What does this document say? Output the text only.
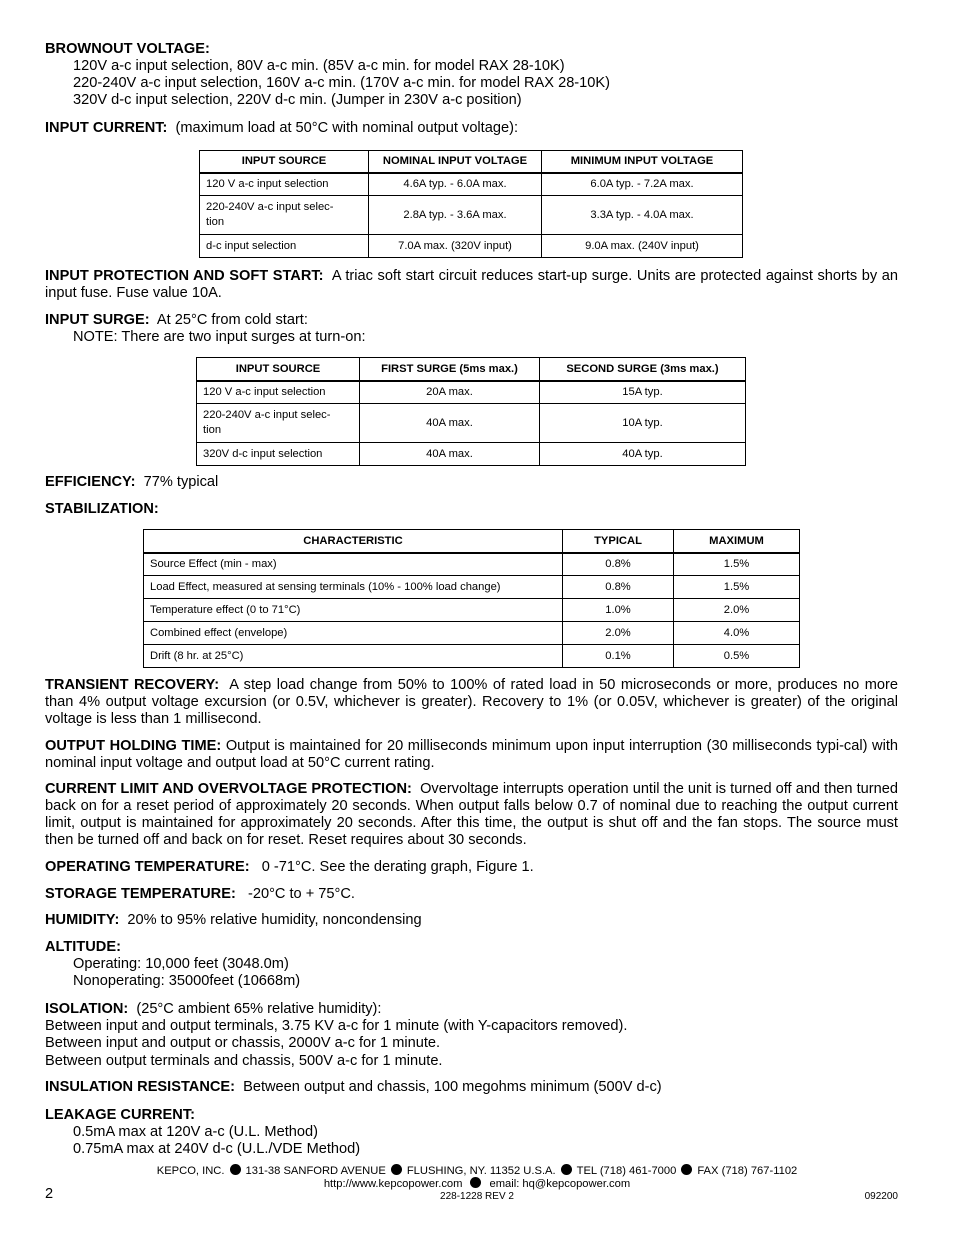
BROWNOUT VOLTAGE:
120V a-c input selection, 80V a-c min. (85V a-c min. for model RAX 28-10K)
220-240V a-c input selection, 160V a-c min. (170V a-c min. for model RAX 28-10K)
320V d-c input selection, 220V d-c min. (Jumper in 230V a-c position)
INPUT CURRENT: (maximum load at 50°C with nominal output voltage):
INPUT SOURCE	NOMINAL INPUT VOLTAGE	MINIMUM INPUT VOLTAGE
120 V a-c input selection	4.6A typ. - 6.0A max.	6.0A typ. - 7.2A max.
220-240V a-c input selec-
tion	2.8A typ. - 3.6A max.	3.3A typ. - 4.0A max.
d-c input selection	7.0A max. (320V input)	9.0A max. (240V input)
INPUT PROTECTION AND SOFT START: A triac soft start circuit reduces start-up surge. Units are protected against shorts by an input fuse. Fuse value 10A.
INPUT SURGE: At 25°C from cold start:
NOTE: There are two input surges at turn-on:
INPUT SOURCE	FIRST SURGE (5ms max.)	SECOND SURGE (3ms max.)
120 V a-c input selection	20A max.	15A typ.
220-240V a-c input selec-
tion	40A max.	10A typ.
320V d-c input selection	40A max.	40A typ.
EFFICIENCY: 77% typical
STABILIZATION:
CHARACTERISTIC	TYPICAL	MAXIMUM
Source Effect (min - max)	0.8%	1.5%
Load Effect, measured at sensing terminals (10% - 100% load change)	0.8%	1.5%
Temperature effect (0 to 71°C)	1.0%	2.0%
Combined effect (envelope)	2.0%	4.0%
Drift (8 hr. at 25°C)	0.1%	0.5%
TRANSIENT RECOVERY: A step load change from 50% to 100% of rated load in 50 microseconds or more, produces no more than 4% output voltage excursion (or 0.5V, whichever is greater). Recovery to 1% (or 0.05V, whichever is greater) of the original voltage is less than 1 millisecond.
OUTPUT HOLDING TIME: Output is maintained for 20 milliseconds minimum upon input interruption (30 milliseconds typi-cal) with nominal input voltage and output load at 50°C current rating.
CURRENT LIMIT AND OVERVOLTAGE PROTECTION: Overvoltage interrupts operation until the unit is turned off and then turned back on for a reset period of approximately 20 seconds. When output falls below 0.7 of nominal due to reaching the output current limit, output is maintained for approximately 20 seconds. After this time, the output is shut off and the fan stops. The source must then be turned off and back on for reset. Reset requires about 30 seconds.
OPERATING TEMPERATURE: 0 -71°C. See the derating graph, Figure 1.
STORAGE TEMPERATURE: -20°C to + 75°C.
HUMIDITY: 20% to 95% relative humidity, noncondensing
ALTITUDE:
Operating: 10,000 feet (3048.0m)
Nonoperating: 35000feet (10668m)
ISOLATION: (25°C ambient 65% relative humidity):
Between input and output terminals, 3.75 KV a-c for 1 minute (with Y-capacitors removed).
Between input and output or chassis, 2000V a-c for 1 minute.
Between output terminals and chassis, 500V a-c for 1 minute.
INSULATION RESISTANCE: Between output and chassis, 100 megohms minimum (500V d-c)
LEAKAGE CURRENT:
0.5mA max at 120V a-c (U.L. Method)
0.75mA max at 240V d-c (U.L./VDE Method)
KEPCO, INC. 131-38 SANFORD AVENUE FLUSHING, NY. 11352 U.S.A. TEL (718) 461-7000 FAX (718) 767-1102
http://www.kepcopower.com email: hq@kepcopower.com
2	228-1228 REV 2	092200
